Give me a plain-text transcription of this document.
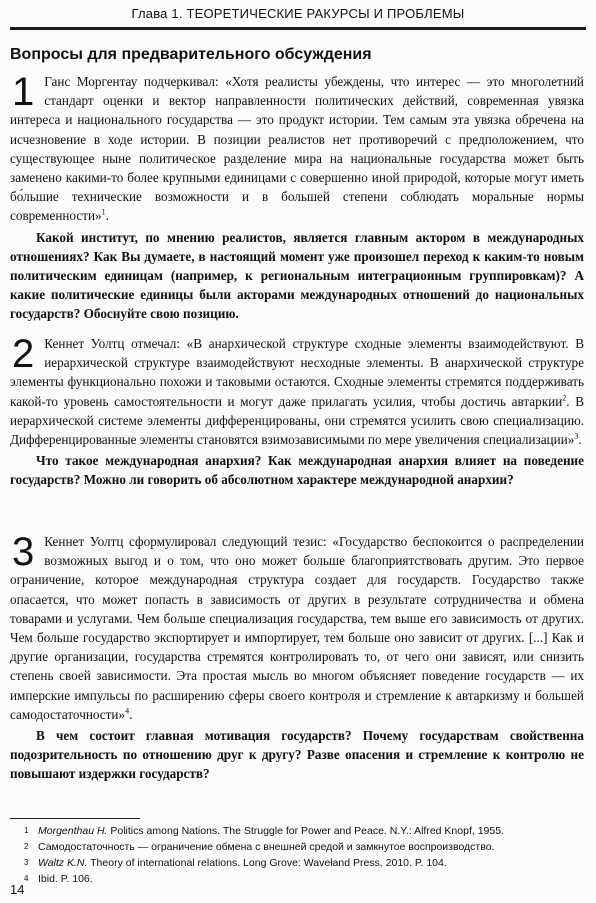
Глава 1. ТЕОРЕТИЧЕСКИЕ РАКУРСЫ И ПРОБЛЕМЫ
Вопросы для предварительного обсуждения

1 Ганс Моргентау подчеркивал: «Хотя реалисты убеждены, что интерес — это многолетний стандарт оценки и вектор направленности политических действий, современная увязка интереса и национального государства — это продукт истории. Тем самым эта увязка обречена на исчезновение в ходе истории. В позиции реалистов нет противоречий с предположением, что существующее ныне политическое разделение мира на национальные государства может быть заменено какими-то более крупными единицами с совершенно иной природой, которые могут иметь бо́льшие технические возможности и в большей степени соблюдать моральные нормы современности»$^1$.

Какой институт, по мнению реалистов, является главным актором в международных отношениях? Как Вы думаете, в настоящий момент уже произошел переход к каким-то новым политическим единицам (например, к региональным интеграционным группировкам)? А какие политические единицы были акторами международных отношений до национальных государств? Обоснуйте свою позицию.

2 Кеннет Уолтц отмечал: «В анархической структуре сходные элементы взаимодействуют. В иерархической структуре взаимодействуют несходные элементы. В анархической структуре элементы функционально похожи и таковыми остаются. Сходные элементы стремятся поддерживать какой-то уровень самостоятельности и могут даже прилагать усилия, чтобы достичь автаркии$^2$. В иерархической системе элементы дифференцированы, они стремятся усилить свою специализацию. Дифференцированные элементы становятся взимозависимыми по мере увеличения специализации»$^3$.

Что такое международная анархия? Как международная анархия влияет на поведение государств? Можно ли говорить об абсолютном характере международной анархии?

3 Кеннет Уолтц сформулировал следующий тезис: «Государство беспокоится о распределении возможных выгод и о том, что оно может больше благоприятствовать другим. Это первое ограничение, которое международная структура создает для государств. Государство также опасается, что может попасть в зависимость от других в результате сотрудничества и обмена товарами и услугами. Чем больше специализация государства, тем выше его зависимость от других. Чем больше государство экспортирует и импортирует, тем больше оно зависит от других. [...] Как и другие организации, государства стремятся контролировать то, от чего они зависят, или снизить степень своей зависимости. Эта простая мысль во многом объясняет поведение государств — их имперские импульсы по расширению сферы своего контроля и стремление к автаркизму и большей самодостаточности»$^4$.

В чем состоит главная мотивация государств? Почему государствам свойственна подозрительность по отношению друг к другу? Разве опасения и стремление к контролю не повышают издержки государств?

1 Morgenthau H. Politics among Nations. The Struggle for Power and Peace. N.Y.: Alfred Knopf, 1955.
2 Самодостаточность — ограничение обмена с внешней средой и замкнутое воспроизводство.
3 Waltz K.N. Theory of international relations. Long Grove: Waveland Press, 2010. P. 104.
4 Ibid. P. 106.
14
